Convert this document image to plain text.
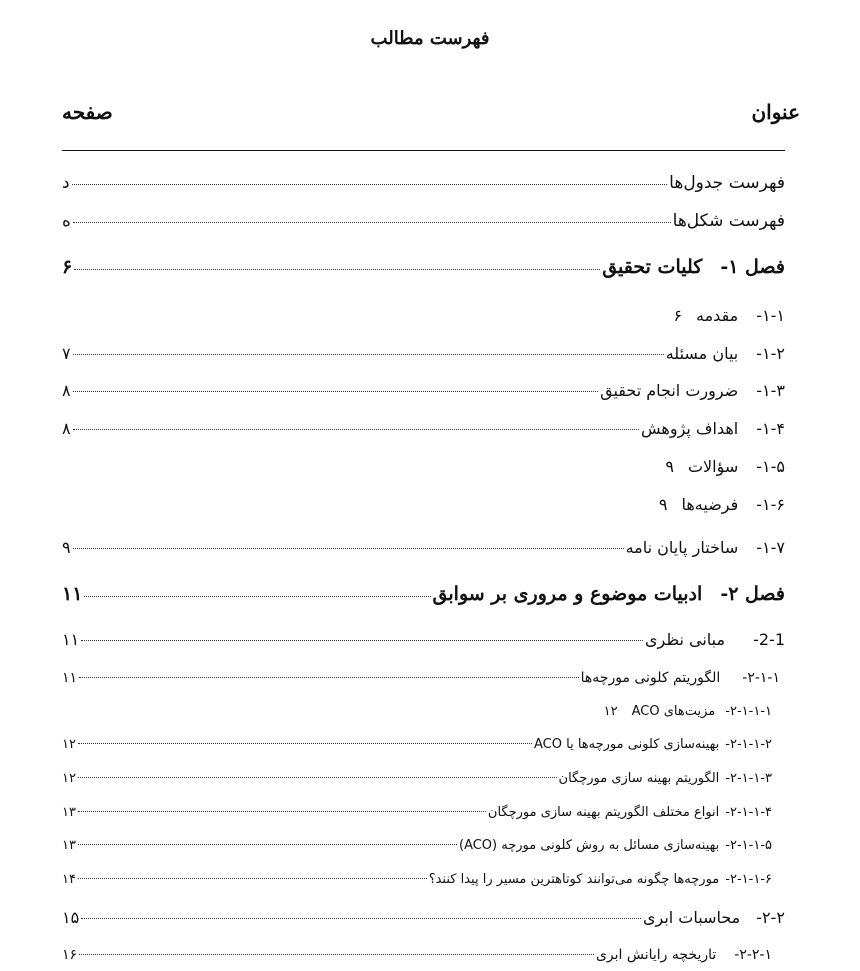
فهرست مطالب
عنوان
صفحه
فهرست جدول‌ها
د
فهرست شکل‌ها
ه
فصل ۱-
کلیات تحقیق
۶
۱-۱-
مقدمه
۶
۱-۲-
بیان مسئله
۷
۱-۳-
ضرورت انجام تحقیق
۸
۱-۴-
اهداف پژوهش
۸
۱-۵-
سؤالات
۹
۱-۶-
فرضیه‌ها
۹
۱-۷-
ساختار پایان نامه
۹
فصل ۲-
ادبیات موضوع و مروری بر سوابق
۱۱
2-1-
مبانی نظری
۱۱
۲-۱-۱-
الگوریتم کلونی مورچه‌ها
۱۱
۲-۱-۱-۱-
مزیت‌های ACO
۱۲
۲-۱-۱-۲-
بهینه‌سازی کلونی مورچه‌ها یا ACO
۱۲
۲-۱-۱-۳-
الگوریتم بهینه سازی مورچگان
۱۲
۲-۱-۱-۴-
انواع مختلف الگوریتم بهینه سازی مورچگان
۱۳
۲-۱-۱-۵-
بهینه‌سازی مسائل به روش کلونی مورچه (ACO)
۱۳
۲-۱-۱-۶-
مورچه‌ها چگونه می‌توانند کوتاهترین مسیر را پیدا کنند؟
۱۴
۲-۲-
محاسبات ابری
۱۵
۲-۲-۱-
تاریخچه رایانش ابری
۱۶
